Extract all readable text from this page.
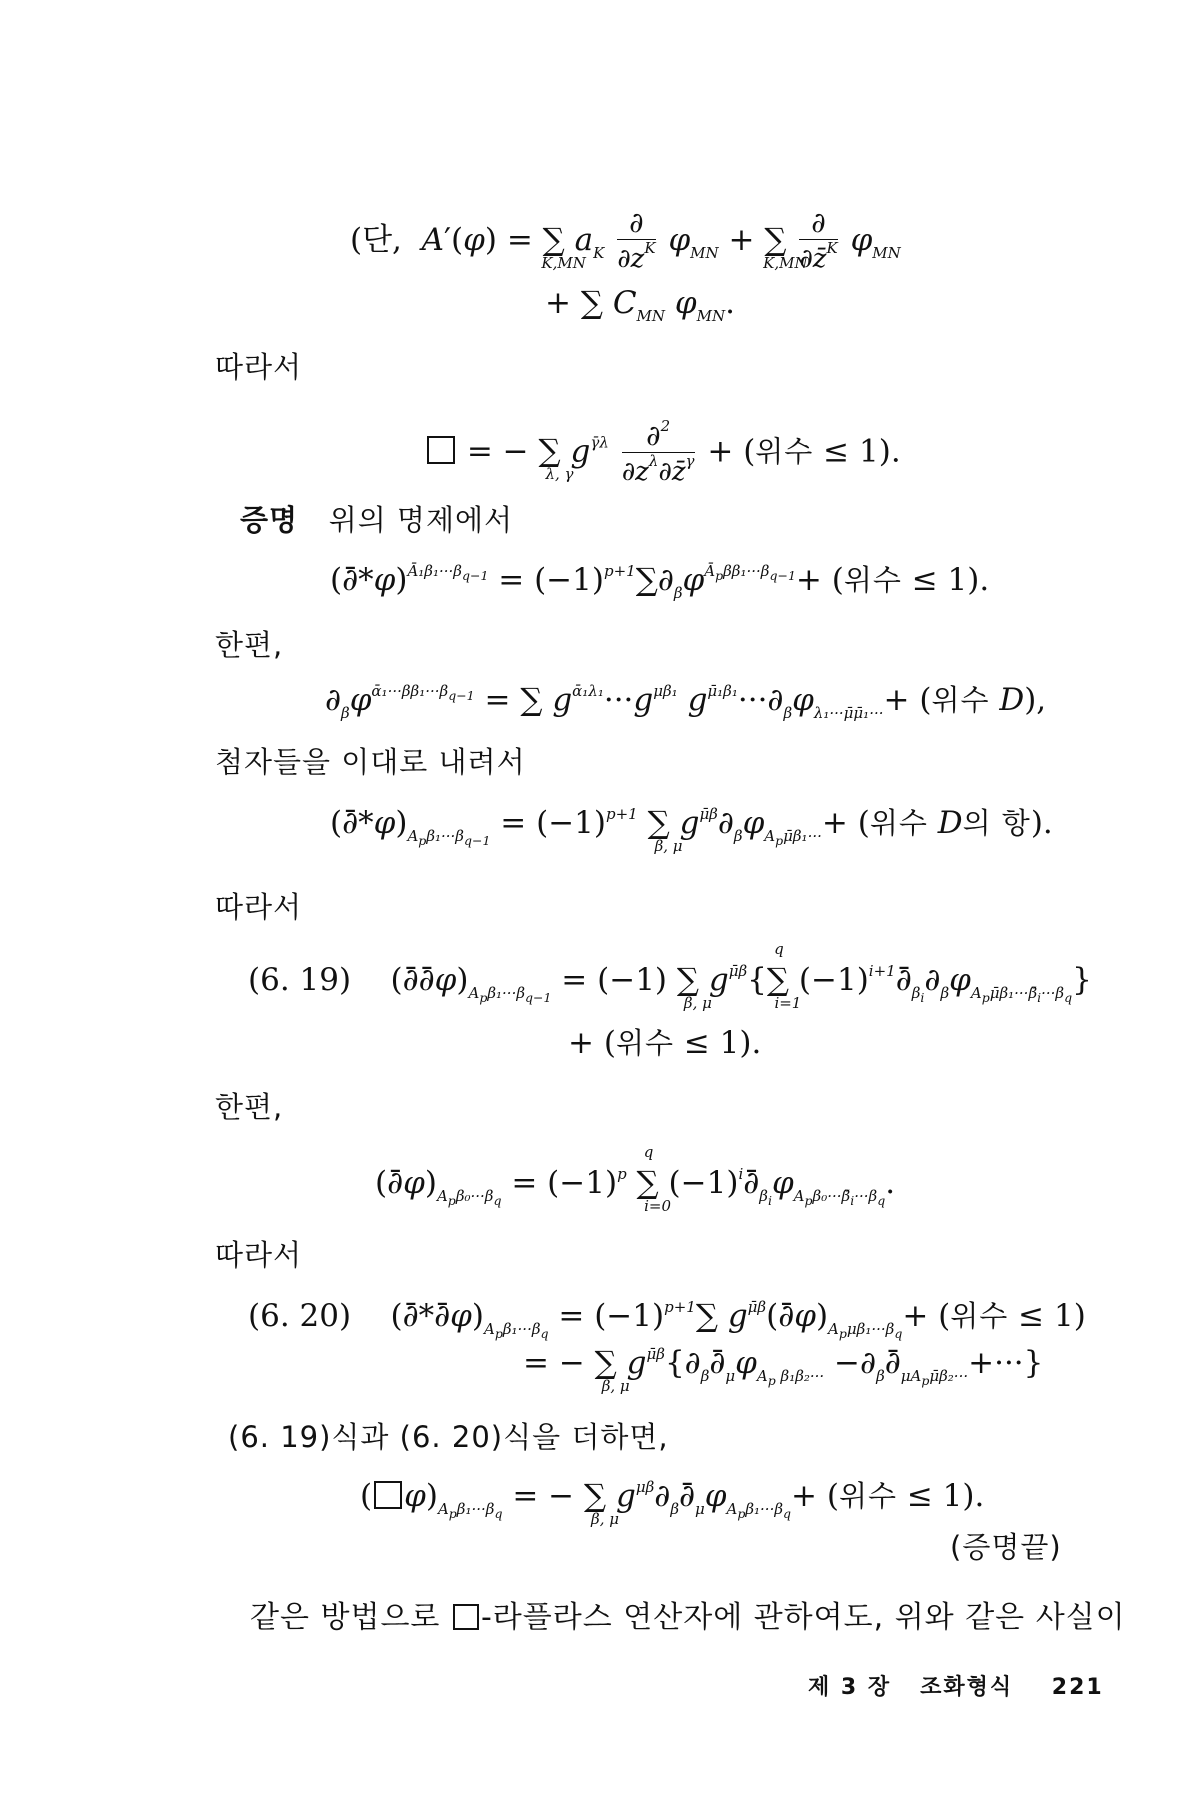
(단,  A′(φ) = ∑
K,MN
$a_K \frac{\partial}{\partial z^K} \varphi_{MN}$ + ∑
K,MN

$\frac{\partial}{\partial z̄^K} \varphi_{MN}$
+ ∑ $C_{MN}$ $\varphi_{MN}$.
따라서
= − ∑
λ, γ
$g^{\gammā\lambda} \frac{\partial^2}{\partial z^\lambda\partial z̄^\gamma}$ + (위수 ≤ 1).
증명 위의 명제에서
(∂̄*φ)$^{Ā_1\beta_1\cdot\cdot\cdot\beta_{q-1}}$ = $(-1)^{p+1}\sum\partial_\beta\varphi^{Ā_p\beta\beta_1\cdot\cdot\cdot\beta_{q-1}}+$ (위수 ≤ 1).
한편,
$\partial_\beta\varphi^{ᾱ_1\cdot\cdot\cdot\beta\beta_1\cdot\cdot\cdot\beta_{q-1}}$ = ∑ $g^{ᾱ_1\lambda_1}\cdot\cdot\cdot g^{\mu\beta_1}$ $g^{\mū_1\beta_1}\cdot\cdot\cdot\partial_\beta\varphi_{\lambda_1\cdot\cdot\cdot\mū\mū_1\cdot\cdot\cdot}+$ (위수 D),
첨자들을 이대로 내려서
$(\partial̄*\varphi)_{A_p\beta_1\cdot\cdot\cdot\beta_{q-1}} = (-1)^{p+1}$ ∑
β, μ
$g^{\mū\beta}\partial_\beta\varphi_{A_p\mū\beta_1\cdot\cdot\cdot}+$ (위수 D의 항).
따라서
(6. 19)    $(\partial̄\partial̄\varphi)_{A_p\beta_1\cdot\cdot\cdot\beta_{q-1}} = (-1)$ ∑
β, μ
$g^{\mū\beta}\{\sum$
q
i=1
$(-1)^{i+1}\partial̄_{\beta_i}\partial_\beta\varphi_{A_p\mū\beta_1\cdot\cdot\cdot\betă_i\cdot\cdot\cdot\beta_q}$}
+ (위수 ≤ 1).
한편,
$(\partial̄\varphi)_{A_p\beta_0\cdot\cdot\cdot\beta_q} = (-1)^p$ ∑
q
i=0
$(-1)^i\partial̄_{\beta_i}\varphi_{A_p\beta_0\cdot\cdot\cdot\betă_i\cdot\cdot\cdot\beta_q}$.
따라서
(6. 20)    $(\partial̄*\partial̄\varphi)_{A_p\beta_1\cdot\cdot\cdot\beta_q} = (-1)^{p+1}\sum$ $g^{\mū\beta}(\partial̄\varphi)_{A_p\mu\beta_1\cdot\cdot\cdot\beta_q}+$ (위수 ≤ 1)
= − ∑
β, μ
$g^{\mū\beta}\{\partial_\beta\partial̄_\mu\varphi_{A_p \beta_1\beta_2\cdot\cdot\cdot}$ $-\partial_\beta\partial̄_{\mu A_p\mū\beta_2\cdot\cdot\cdot}+\cdot\cdot\cdot$}
(6. 19)식과 (6. 20)식을 더하면,
( $\varphi)_{A_p\beta_1\cdot\cdot\cdot\beta_q}$ = − ∑
β, μ
$g^{\mu\beta}\partial_\beta\partial̄_\mu\varphi_{A_p\beta_1\cdot\cdot\cdot\beta_q}+$ (위수 ≤ 1).
(증명끝)
같은 방법으로 -라플라스 연산자에 관하여도, 위와 같은 사실이
제 3 장 조화형식 221
